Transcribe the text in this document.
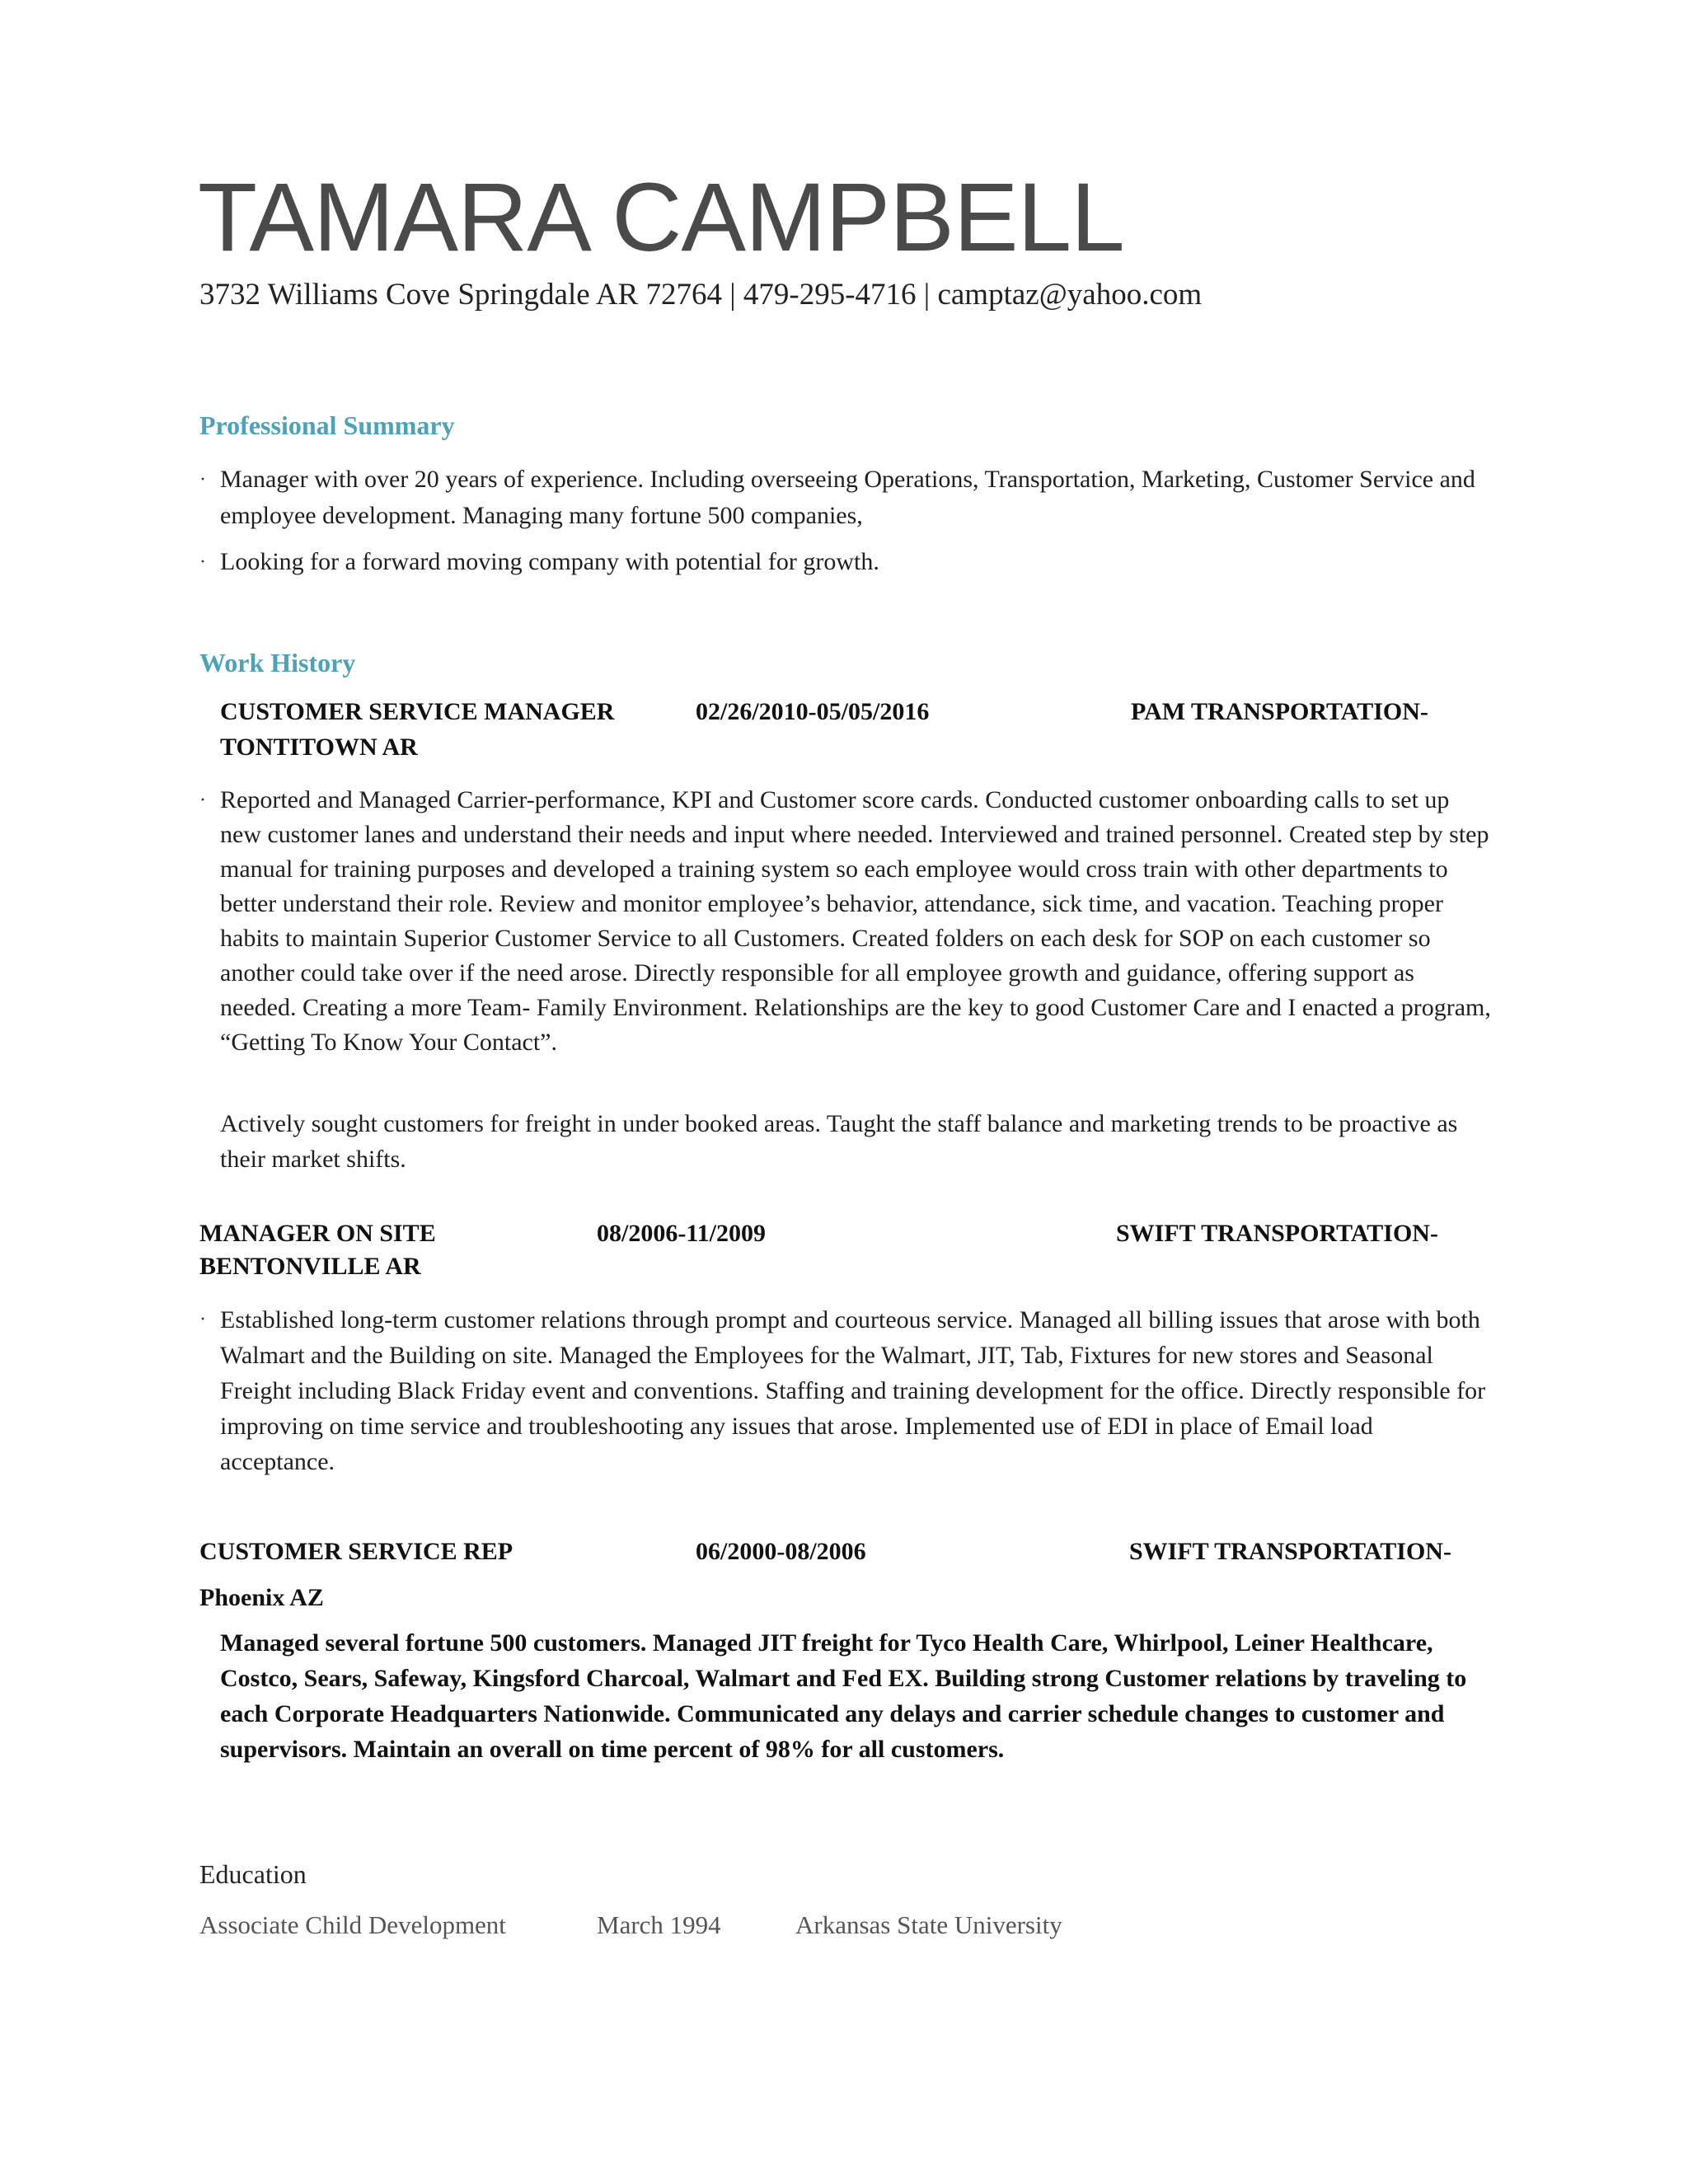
TAMARA CAMPBELL
3732 Williams Cove Springdale AR 72764 | 479-295-4716 | camptaz@yahoo.com
Professional Summary
· Manager with over 20 years of experience. Including overseeing Operations, Transportation, Marketing, Customer Service and employee development. Managing many fortune 500 companies,
· Looking for a forward moving company with potential for growth.
Work History
CUSTOMER SERVICE MANAGER	02/26/2010-05/05/2016	PAM TRANSPORTATION-
TONTITOWN AR
· Reported and Managed Carrier-performance, KPI and Customer score cards. Conducted customer onboarding calls to set up new customer lanes and understand their needs and input where needed. Interviewed and trained personnel. Created step by step manual for training purposes and developed a training system so each employee would cross train with other departments to better understand their role. Review and monitor employee’s behavior, attendance, sick time, and vacation. Teaching proper habits to maintain Superior Customer Service to all Customers. Created folders on each desk for SOP on each customer so another could take over if the need arose. Directly responsible for all employee growth and guidance, offering support as needed. Creating a more Team- Family Environment. Relationships are the key to good Customer Care and I enacted a program, “Getting To Know Your Contact”.
Actively sought customers for freight in under booked areas. Taught the staff balance and marketing trends to be proactive as their market shifts.
MANAGER ON SITE	08/2006-11/2009	SWIFT TRANSPORTATION-
BENTONVILLE AR
· Established long-term customer relations through prompt and courteous service. Managed all billing issues that arose with both Walmart and the Building on site. Managed the Employees for the Walmart, JIT, Tab, Fixtures for new stores and Seasonal Freight including Black Friday event and conventions. Staffing and training development for the office. Directly responsible for improving on time service and troubleshooting any issues that arose. Implemented use of EDI in place of Email load acceptance.
CUSTOMER SERVICE REP	06/2000-08/2006	SWIFT TRANSPORTATION-
Phoenix AZ
Managed several fortune 500 customers. Managed JIT freight for Tyco Health Care, Whirlpool, Leiner Healthcare, Costco, Sears, Safeway, Kingsford Charcoal, Walmart and Fed EX. Building strong Customer relations by traveling to each Corporate Headquarters Nationwide. Communicated any delays and carrier schedule changes to customer and supervisors. Maintain an overall on time percent of 98% for all customers.
Education
Associate Child Development	March 1994	Arkansas State University
